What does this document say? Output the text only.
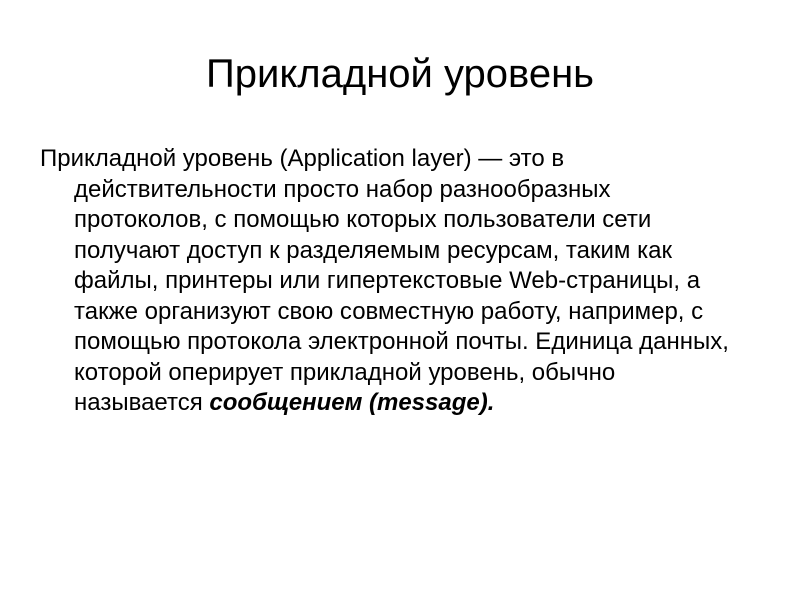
Прикладной уровень

Прикладной уровень (Application layer) — это в действительности просто набор разнообразных протоколов, с помощью которых пользователи сети получают доступ к разделяемым ресурсам, таким как файлы, принтеры или гипертекстовые Web-страницы, а также организуют свою совместную работу, например, с помощью протокола электронной почты. Единица данных, которой оперирует прикладной уровень, обычно называется сообщением (message).
